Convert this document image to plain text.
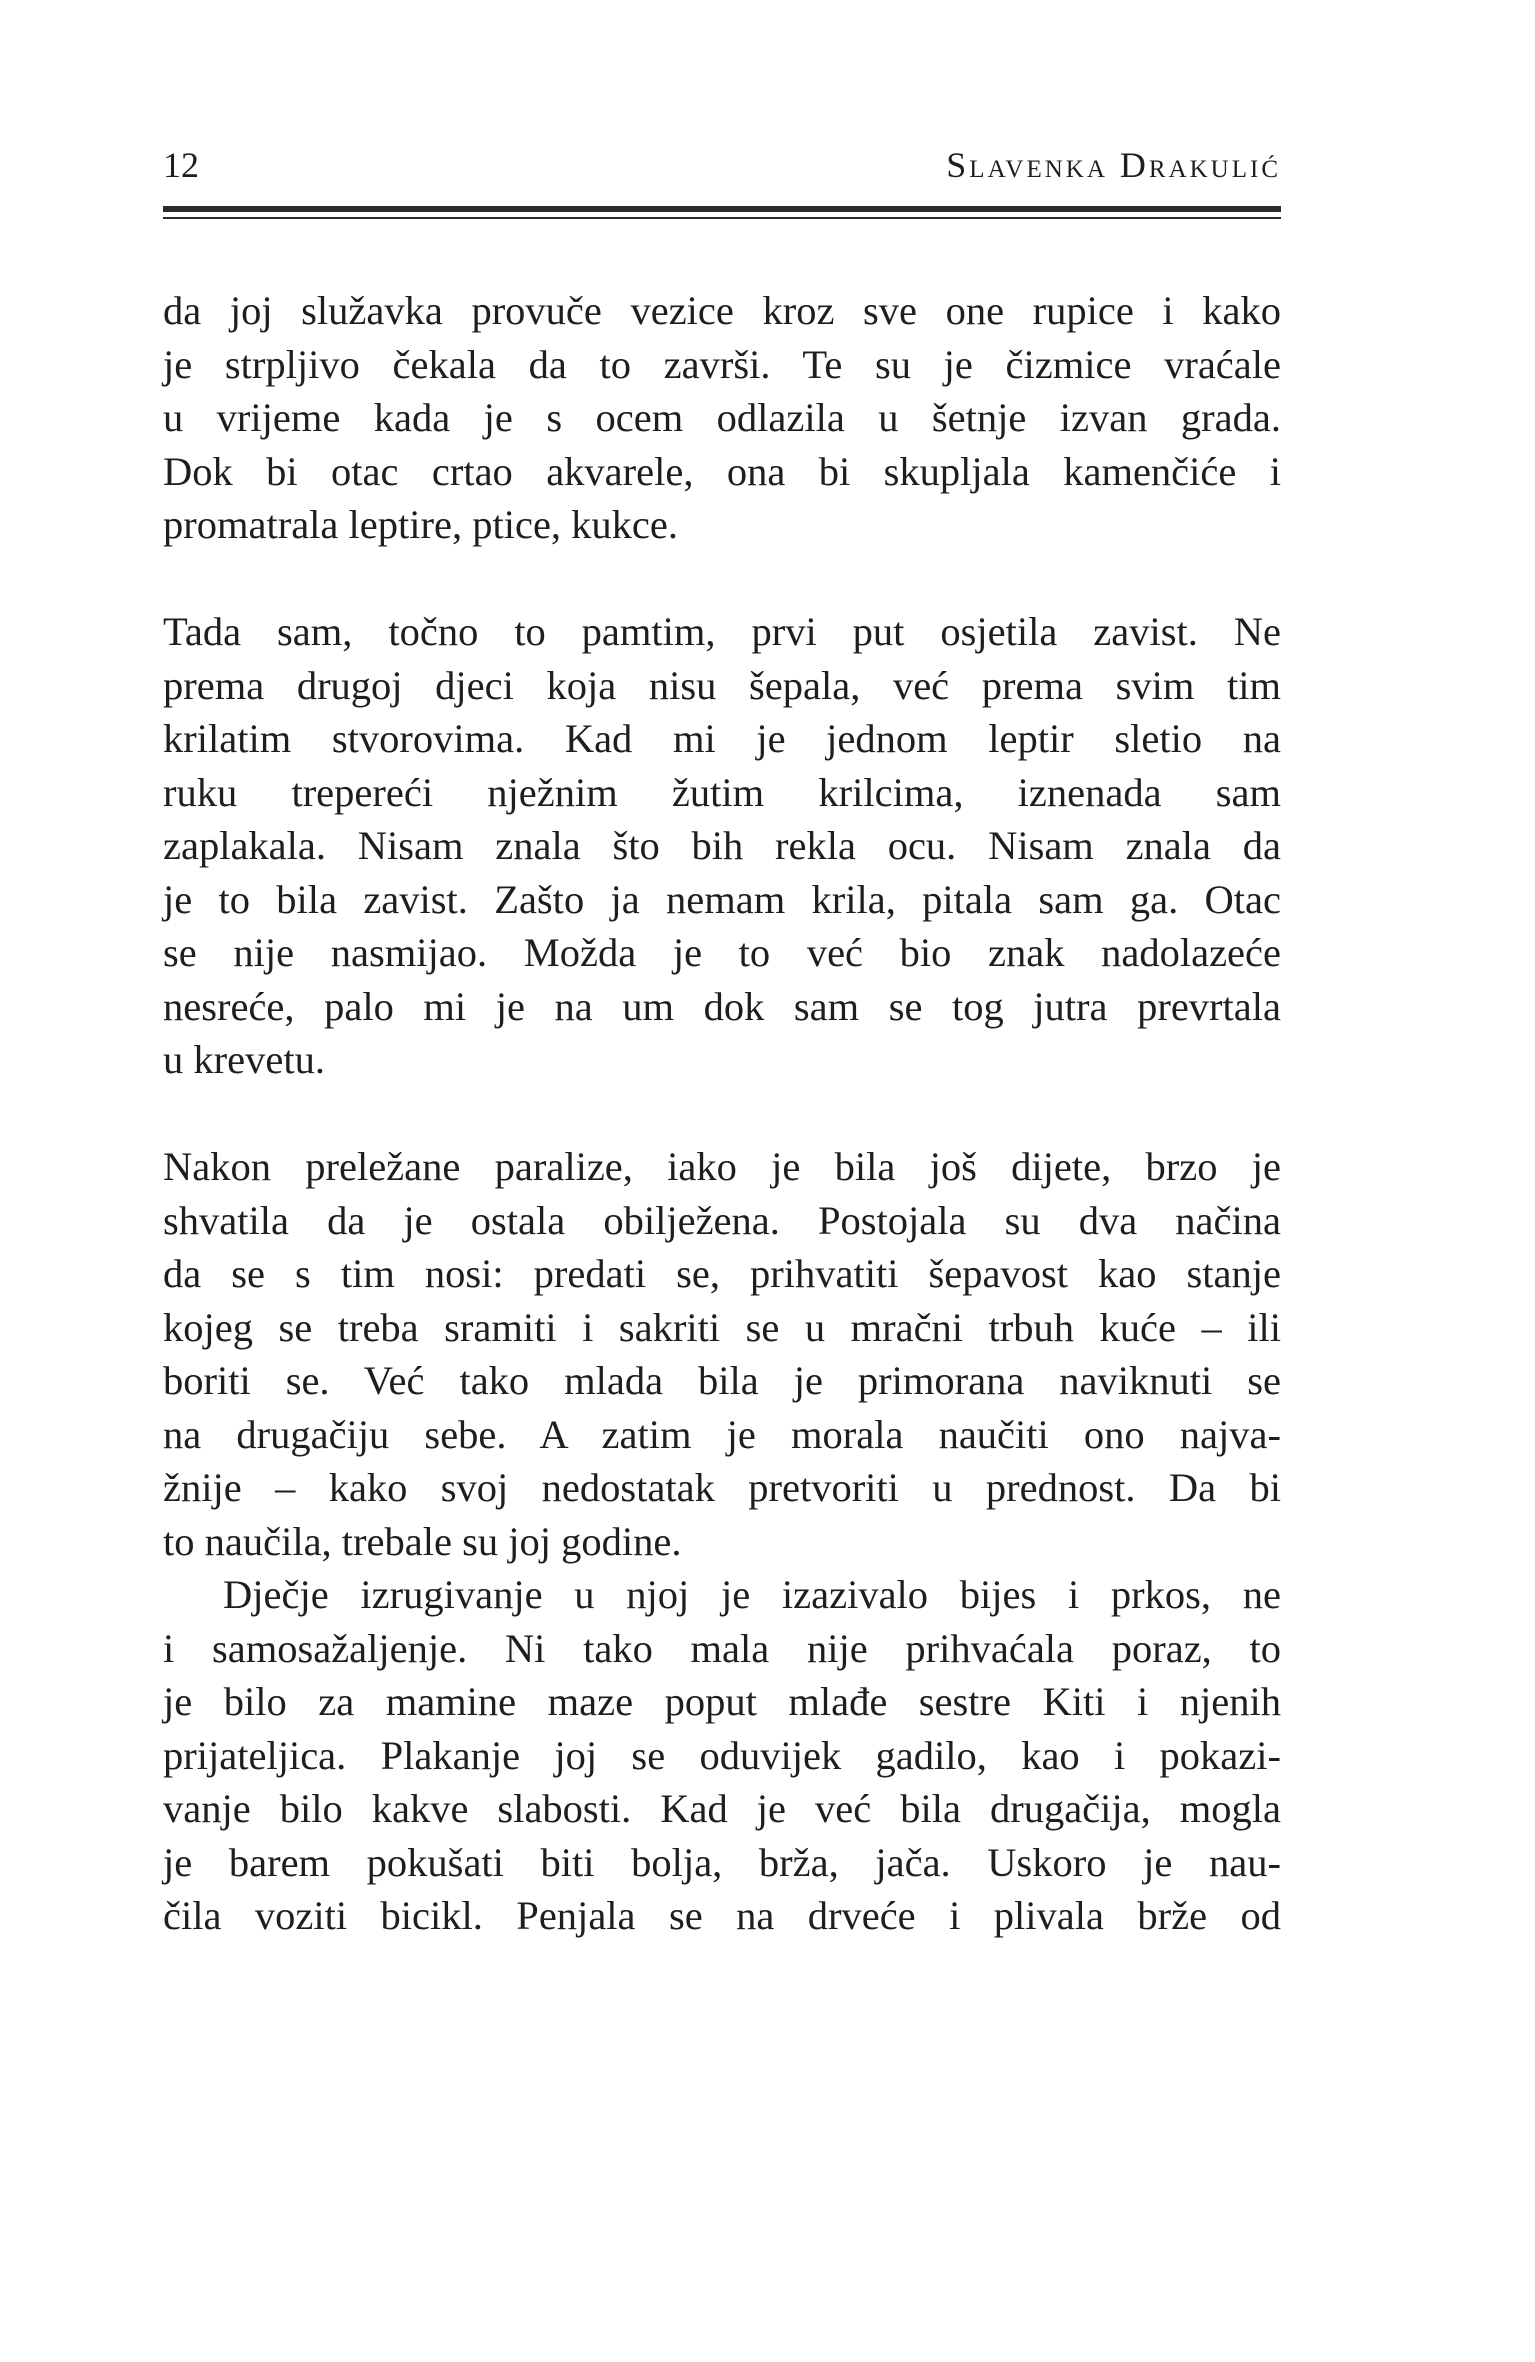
12	Slavenka Drakulić
da joj služavka provuče vezice kroz sve one rupice i kako
je strpljivo čekala da to završi. Te su je čizmice vraćale
u vrijeme kada je s ocem odlazila u šetnje izvan grada.
Dok bi otac crtao akvarele, ona bi skupljala kamenčiće i
promatrala leptire, ptice, kukce.
Tada sam, točno to pamtim, prvi put osjetila zavist. Ne
prema drugoj djeci koja nisu šepala, već prema svim tim
krilatim stvorovima. Kad mi je jednom leptir sletio na
ruku trepereći nježnim žutim krilcima, iznenada sam
zaplakala. Nisam znala što bih rekla ocu. Nisam znala da
je to bila zavist. Zašto ja nemam krila, pitala sam ga. Otac
se nije nasmijao. Možda je to već bio znak nadolazeće
nesreće, palo mi je na um dok sam se tog jutra prevrtala
u krevetu.
Nakon preležane paralize, iako je bila još dijete, brzo je
shvatila da je ostala obilježena. Postojala su dva načina
da se s tim nosi: predati se, prihvatiti šepavost kao stanje
kojeg se treba sramiti i sakriti se u mračni trbuh kuće – ili
boriti se. Već tako mlada bila je primorana naviknuti se
na drugačiju sebe. A zatim je morala naučiti ono najva-
žnije – kako svoj nedostatak pretvoriti u prednost. Da bi
to naučila, trebale su joj godine.
Dječje izrugivanje u njoj je izazivalo bijes i prkos, ne
i samosažaljenje. Ni tako mala nije prihvaćala poraz, to
je bilo za mamine maze poput mlađe sestre Kiti i njenih
prijateljica. Plakanje joj se oduvijek gadilo, kao i pokazi-
vanje bilo kakve slabosti. Kad je već bila drugačija, mogla
je barem pokušati biti bolja, brža, jača. Uskoro je nau-
čila voziti bicikl. Penjala se na drveće i plivala brže od
